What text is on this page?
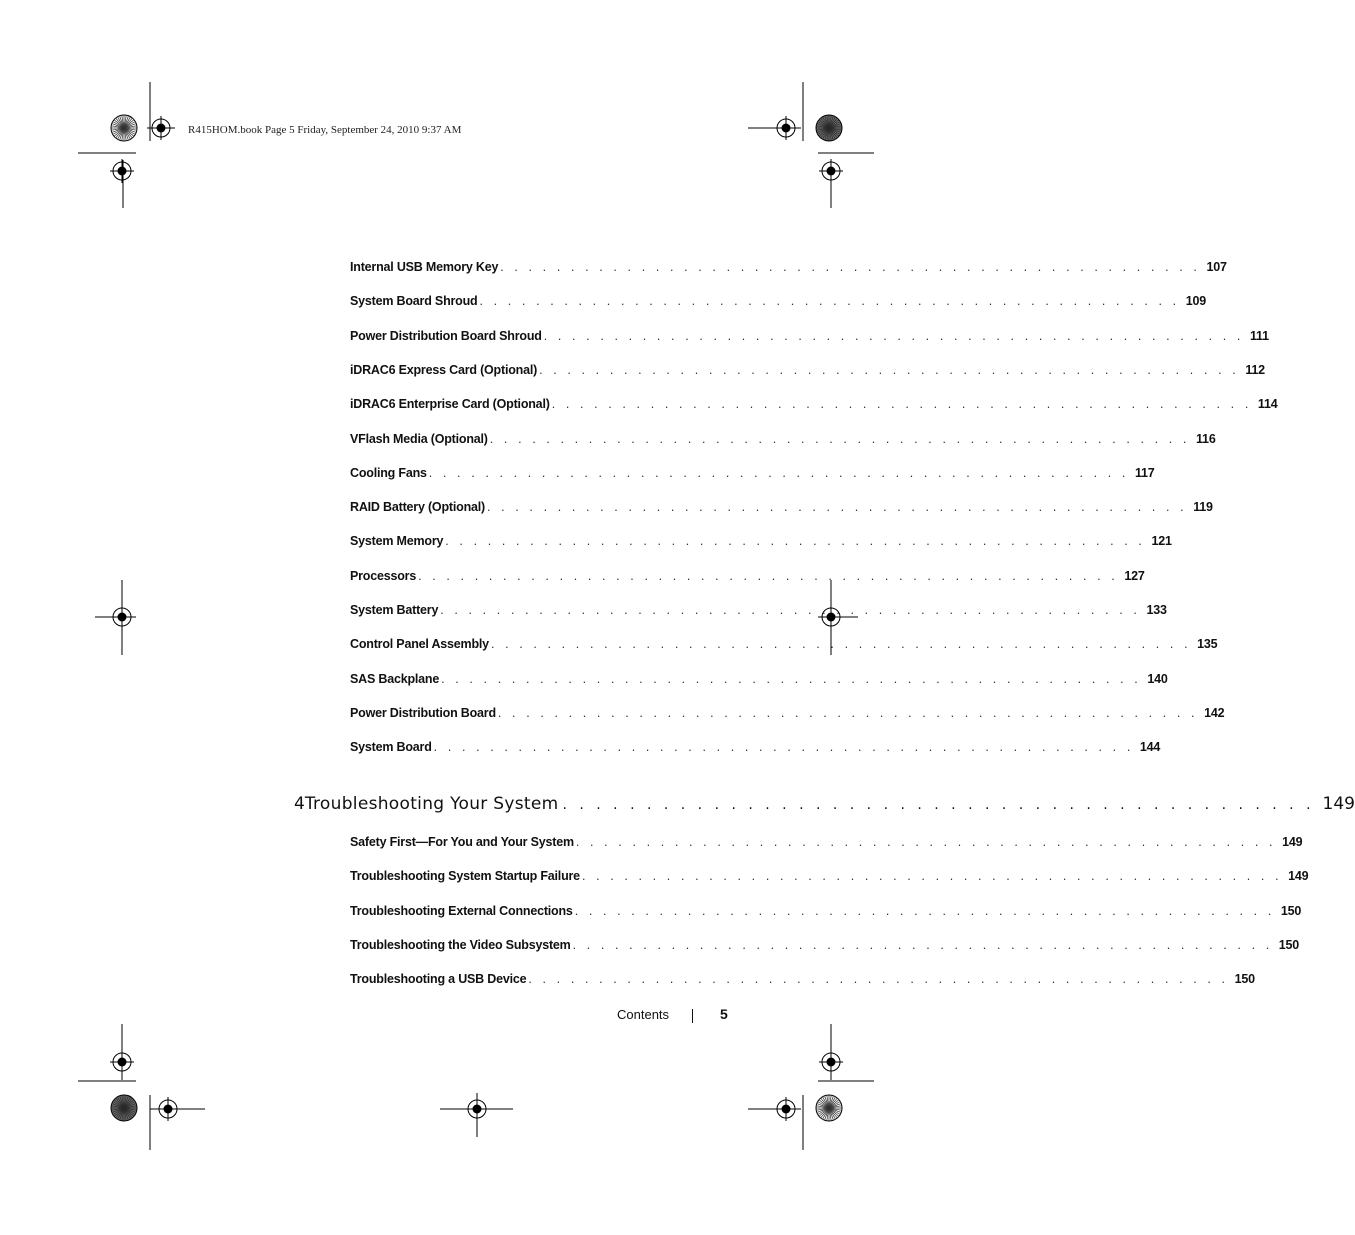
R415HOM.book Page 5 Friday, September 24, 2010 9:37 AM
Internal USB Memory Key . . . . . . . . . . . . . . . . . . . . . . . . . . . . . . . . . . . . . . . . . . . . . . . . . . 107
System Board Shroud . . . . . . . . . . . . . . . . . . . . . . . . . . . . . . . . . . . . . . . . . . . . . . . . . . 109
Power Distribution Board Shroud . . . . . . . . . . . . . . . . . . . . . . . . . . . . . . . . . . . . . . . . . . . . . . . . . . 111
iDRAC6 Express Card (Optional) . . . . . . . . . . . . . . . . . . . . . . . . . . . . . . . . . . . . . . . . . . . . . . . . . . 112
iDRAC6 Enterprise Card (Optional) . . . . . . . . . . . . . . . . . . . . . . . . . . . . . . . . . . . . . . . . . . . . . . . . . . 114
VFlash Media (Optional) . . . . . . . . . . . . . . . . . . . . . . . . . . . . . . . . . . . . . . . . . . . . . . . . . . 116
Cooling Fans . . . . . . . . . . . . . . . . . . . . . . . . . . . . . . . . . . . . . . . . . . . . . . . . . . 117
RAID Battery (Optional) . . . . . . . . . . . . . . . . . . . . . . . . . . . . . . . . . . . . . . . . . . . . . . . . . . 119
System Memory . . . . . . . . . . . . . . . . . . . . . . . . . . . . . . . . . . . . . . . . . . . . . . . . . . 121
Processors . . . . . . . . . . . . . . . . . . . . . . . . . . . . . . . . . . . . . . . . . . . . . . . . . . 127
System Battery . . . . . . . . . . . . . . . . . . . . . . . . . . . . . . . . . . . . . . . . . . . . . . . . . . 133
Control Panel Assembly . . . . . . . . . . . . . . . . . . . . . . . . . . . . . . . . . . . . . . . . . . . . . . . . . . 135
SAS Backplane . . . . . . . . . . . . . . . . . . . . . . . . . . . . . . . . . . . . . . . . . . . . . . . . . . 140
Power Distribution Board . . . . . . . . . . . . . . . . . . . . . . . . . . . . . . . . . . . . . . . . . . . . . . . . . . 142
System Board . . . . . . . . . . . . . . . . . . . . . . . . . . . . . . . . . . . . . . . . . . . . . . . . . . 144
4 Troubleshooting Your System . . . . . . . . . . . . . . . . . . . . . . . . . . . . . . . . . . . . . . . . . . . . . 149
Safety First—For You and Your System . . . . . . . . . . . . . . . . . . . . . . . . . . . . . . . . . . . . . . . . . . . . . . . . . . 149
Troubleshooting System Startup Failure . . . . . . . . . . . . . . . . . . . . . . . . . . . . . . . . . . . . . . . . . . . . . . . . . . 149
Troubleshooting External Connections . . . . . . . . . . . . . . . . . . . . . . . . . . . . . . . . . . . . . . . . . . . . . . . . . . 150
Troubleshooting the Video Subsystem . . . . . . . . . . . . . . . . . . . . . . . . . . . . . . . . . . . . . . . . . . . . . . . . . . 150
Troubleshooting a USB Device . . . . . . . . . . . . . . . . . . . . . . . . . . . . . . . . . . . . . . . . . . . . . . . . . . 150
Contents	5
